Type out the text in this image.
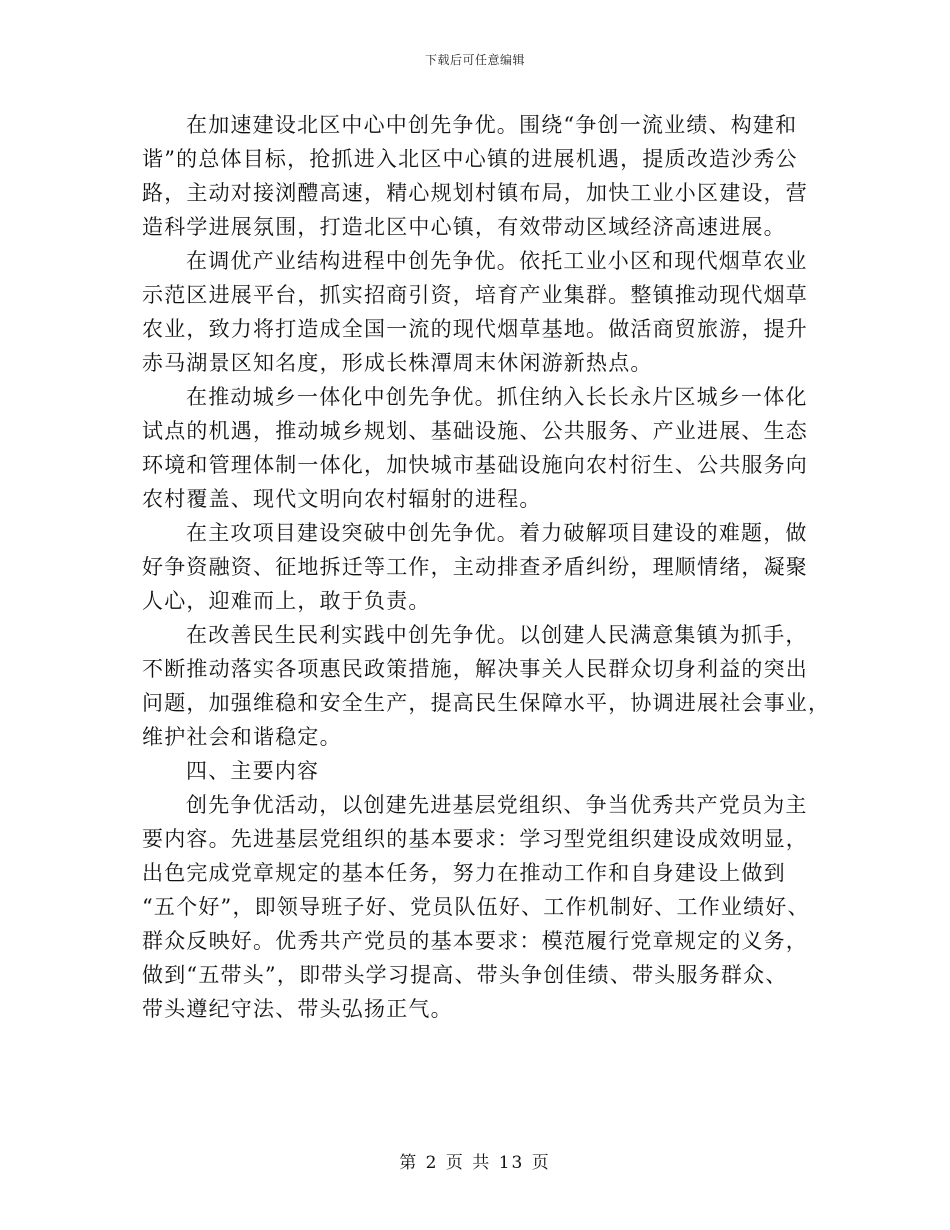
下载后可任意编辑

在加速建设北区中心中创先争优。围绕“争创一流业绩、构建和
谐”的总体目标，抢抓进入北区中心镇的进展机遇，提质改造沙秀公
路，主动对接浏醴高速，精心规划村镇布局，加快工业小区建设，营
造科学进展氛围，打造北区中心镇，有效带动区域经济高速进展。

在调优产业结构进程中创先争优。依托工业小区和现代烟草农业
示范区进展平台，抓实招商引资，培育产业集群。整镇推动现代烟草
农业，致力将打造成全国一流的现代烟草基地。做活商贸旅游，提升
赤马湖景区知名度，形成长株潭周末休闲游新热点。

在推动城乡一体化中创先争优。抓住纳入长长永片区城乡一体化
试点的机遇，推动城乡规划、基础设施、公共服务、产业进展、生态
环境和管理体制一体化，加快城市基础设施向农村衍生、公共服务向
农村覆盖、现代文明向农村辐射的进程。

在主攻项目建设突破中创先争优。着力破解项目建设的难题，做
好争资融资、征地拆迁等工作，主动排查矛盾纠纷，理顺情绪，凝聚
人心，迎难而上，敢于负责。

在改善民生民利实践中创先争优。以创建人民满意集镇为抓手，
不断推动落实各项惠民政策措施，解决事关人民群众切身利益的突出
问题，加强维稳和安全生产，提高民生保障水平，协调进展社会事业，
维护社会和谐稳定。

四、主要内容

创先争优活动，以创建先进基层党组织、争当优秀共产党员为主
要内容。先进基层党组织的基本要求：学习型党组织建设成效明显，
出色完成党章规定的基本任务，努力在推动工作和自身建设上做到
“五个好”，即领导班子好、党员队伍好、工作机制好、工作业绩好、
群众反映好。优秀共产党员的基本要求：模范履行党章规定的义务，
做到“五带头”，即带头学习提高、带头争创佳绩、带头服务群众、
带头遵纪守法、带头弘扬正气。

第 2 页 共 13 页
